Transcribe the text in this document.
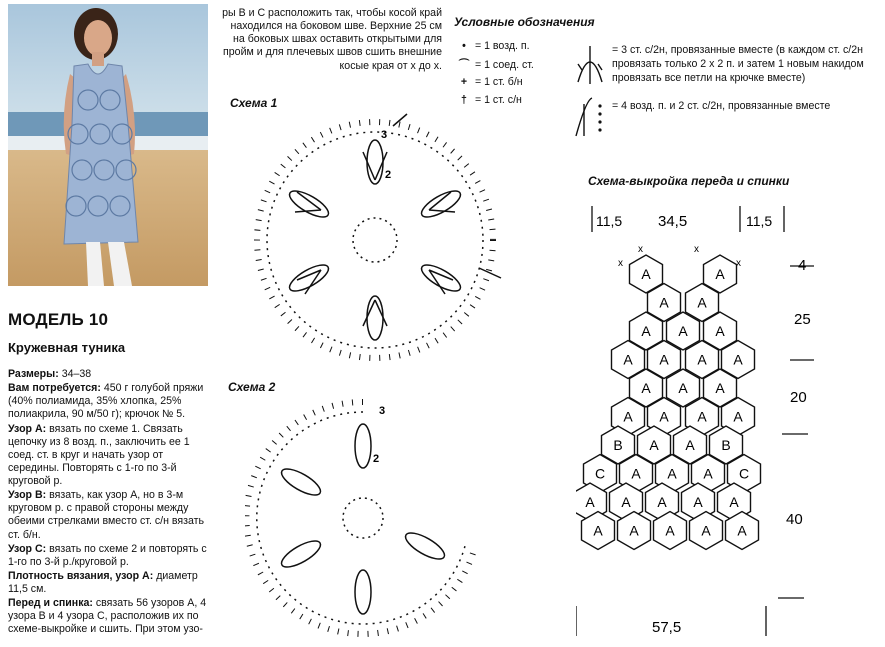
МОДЕЛЬ 10
Кружевная туника

Размеры: 34–38

Вам потребуется: 450 г голубой пряжи (40% полиамида, 35% хлопка, 25% полиакрила, 90 м/50 г); крючок № 5.

Узор А: вязать по схеме 1. Связать цепочку из 8 возд. п., заключить ее 1 соед. ст. в круг и начать узор от середины. Повторять с 1-го по 3-й круговой р.

Узор В: вязать, как узор А, но в 3-м круговом р. с правой стороны между обеими стрелками вместо ст. с/н вязать ст. б/н.

Узор С: вязать по схеме 2 и повторять с 1-го по 3-й р./круговой р.

Плотность вязания, узор А: диаметр 11,5 см.

Перед и спинка: связать 56 узоров А, 4 узора В и 4 узора С, расположив их по схеме-выкройке и сшить. При этом узо-

ры В и С расположить так, чтобы косой край находился на боковом шве. Верхние 25 см на боковых швах оставить открытыми для пройм и для плечевых швов сшить внешние косые края от х до х.
Условные обозначения
• = 1 возд. п.
⌒ = 1 соед. ст.
+ = 1 ст. б/н
† = 1 ст. с/н
= 3 ст. с/2н, провязанные вместе (в каждом ст. с/2н провязать только 2 х 2 п. и затем 1 новым накидом провязать все петли на крючке вместе)
= 4 возд. п. и 2 ст. с/2н, провязанные вместе
Схема 1
3
2
Схема 2
3
2
Схема-выкройка переда и спинки
11,5 34,5	11,5
4
25
20
40
57,5
x
x	x
x
A	A
A A
A A A
A A A A
A A A
A A A A
B A A B
C A A A C
A A A A A
A A A A A
